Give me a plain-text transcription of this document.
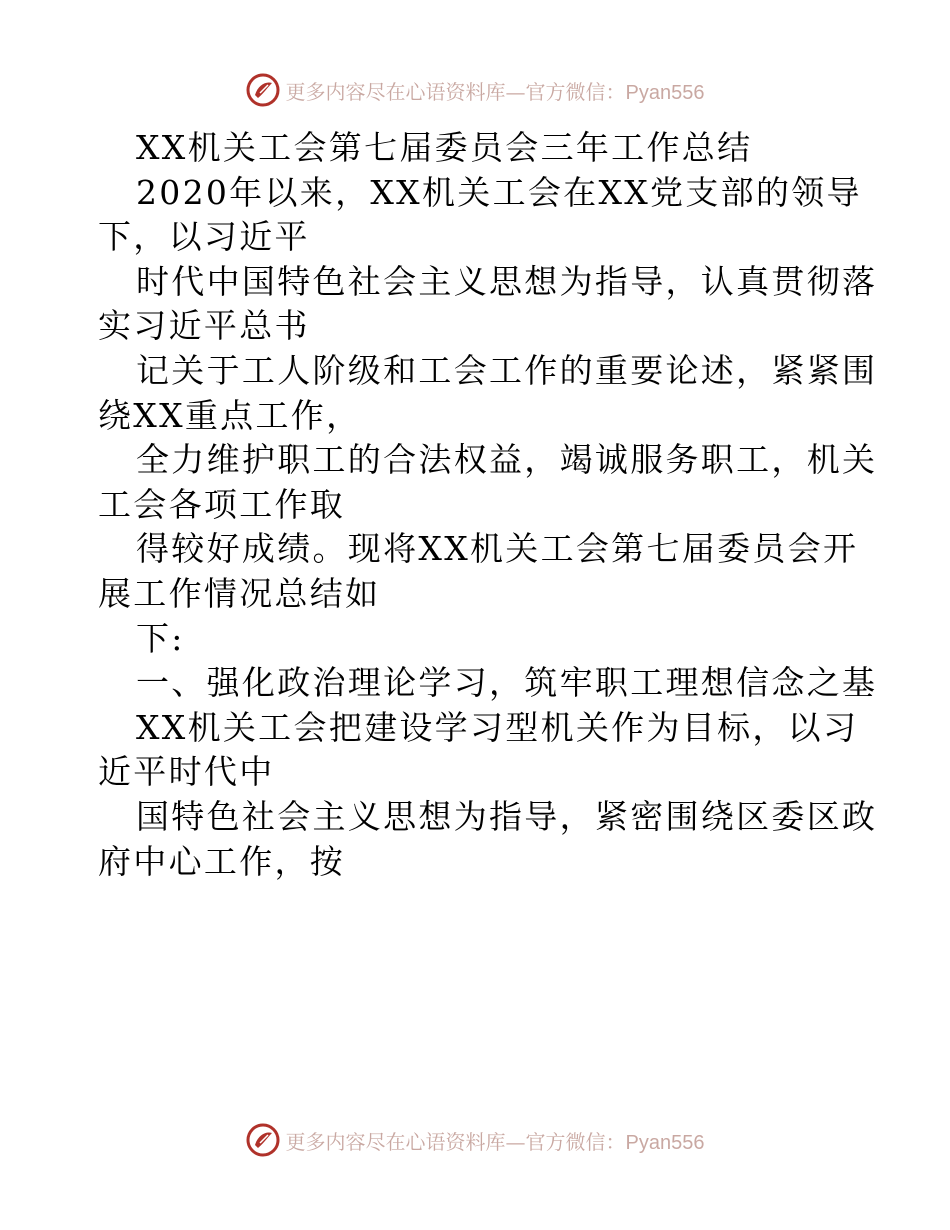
更多内容尽在心语资料库—官方微信：Pyan556
XX机关工会第七届委员会三年工作总结
2020年以来，XX机关工会在XX党支部的领导
下，以习近平
时代中国特色社会主义思想为指导，认真贯彻落
实习近平总书
记关于工人阶级和工会工作的重要论述，紧紧围
绕XX重点工作，
全力维护职工的合法权益，竭诚服务职工，机关
工会各项工作取
得较好成绩。现将XX机关工会第七届委员会开
展工作情况总结如
下:
一、强化政治理论学习，筑牢职工理想信念之基
XX机关工会把建设学习型机关作为目标，以习
近平时代中
国特色社会主义思想为指导，紧密围绕区委区政
府中心工作，按
更多内容尽在心语资料库—官方微信：Pyan556
